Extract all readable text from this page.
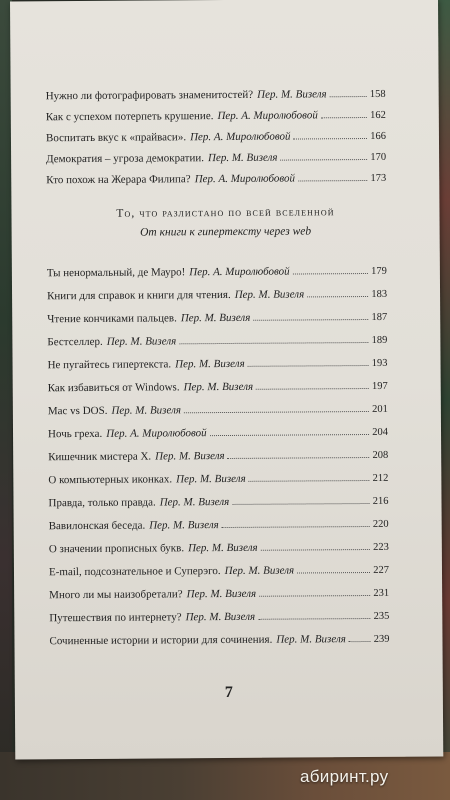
Нужно ли фотографировать знаменитостей? Пер. М. Визеля	158
Как с успехом потерпеть крушение. Пер. А. Миролюбовой	162
Воспитать вкус к «прайваси». Пер. А. Миролюбовой	166
Демократия – угроза демократии. Пер. М. Визеля	170
Кто похож на Жерара Филипа? Пер. А. Миролюбовой	173
То, что разлистано по всей вселенной
От книги к гипертексту через web
Ты ненормальный, де Мауро! Пер. А. Миролюбовой	179
Книги для справок и книги для чтения. Пер. М. Визеля	183
Чтение кончиками пальцев. Пер. М. Визеля	187
Бестселлер. Пер. М. Визеля	189
Не пугайтесь гипертекста. Пер. М. Визеля	193
Как избавиться от Windows. Пер. М. Визеля	197
Mac vs DOS. Пер. М. Визеля	201
Ночь греха. Пер. А. Миролюбовой	204
Кишечник мистера Х. Пер. М. Визеля	208
О компьютерных иконках. Пер. М. Визеля	212
Правда, только правда. Пер. М. Визеля	216
Вавилонская беседа. Пер. М. Визеля	220
О значении прописных букв. Пер. М. Визеля	223
E-mail, подсознательное и Суперэго. Пер. М. Визеля	227
Много ли мы наизобретали? Пер. М. Визеля	231
Путешествия по интернету? Пер. М. Визеля	235
Сочиненные истории и истории для сочинения. Пер. М. Визеля	239
7
абиринт.ру
